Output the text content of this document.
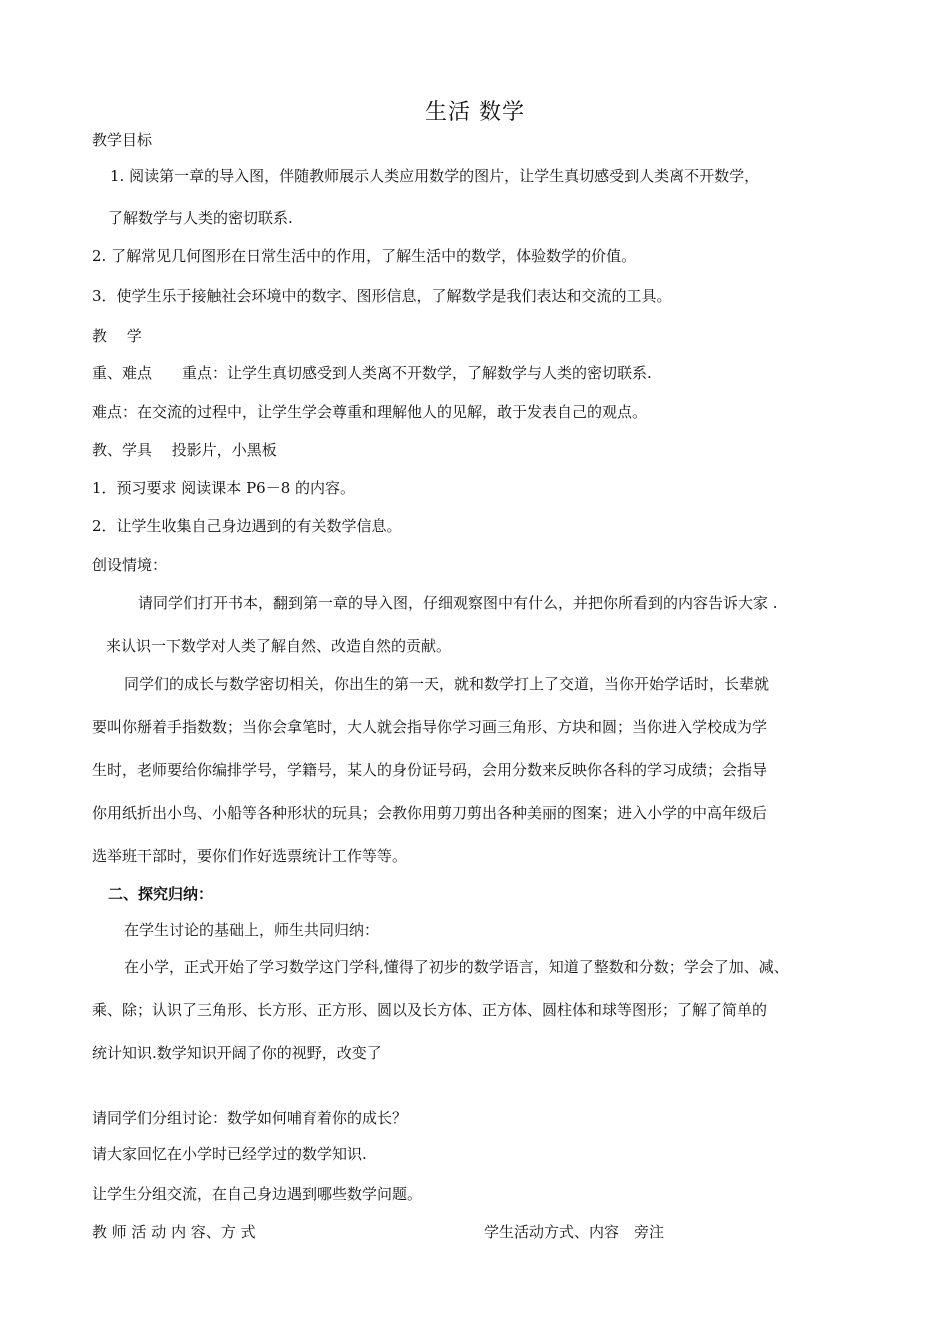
生活 数学
教学目标
1. 阅读第一章的导入图，伴随教师展示人类应用数学的图片，让学生真切感受到人类离不开数学，
了解数学与人类的密切联系.
2. 了解常见几何图形在日常生活中的作用，了解生活中的数学，体验数学的价值。
3．使学生乐于接触社会环境中的数字、图形信息，了解数学是我们表达和交流的工具。
教　 学
重、难点　　重点：让学生真切感受到人类离不开数学，了解数学与人类的密切联系.
难点：在交流的过程中，让学生学会尊重和理解他人的见解，敢于发表自己的观点。
教、学具　 投影片，小黑板
1．预习要求 阅读课本 P6－8 的内容。
2．让学生收集自己身边遇到的有关数学信息。
创设情境：
请同学们打开书本，翻到第一章的导入图，仔细观察图中有什么，并把你所看到的内容告诉大家 .
来认识一下数学对人类了解自然、改造自然的贡献。
同学们的成长与数学密切相关，你出生的第一天，就和数学打上了交道，当你开始学话时，长辈就
要叫你掰着手指数数；当你会拿笔时，大人就会指导你学习画三角形、方块和圆；当你进入学校成为学
生时，老师要给你编排学号，学籍号，某人的身份证号码，会用分数来反映你各科的学习成绩；会指导
你用纸折出小鸟、小船等各种形状的玩具；会教你用剪刀剪出各种美丽的图案；进入小学的中高年级后
选举班干部时，要你们作好选票统计工作等等。
二、探究归纳：
在学生讨论的基础上，师生共同归纳：
在小学，正式开始了学习数学这门学科,懂得了初步的数学语言，知道了整数和分数；学会了加、减、
乘、除；认识了三角形、长方形、正方形、圆以及长方体、正方体、圆柱体和球等图形；了解了简单的
统计知识.数学知识开阔了你的视野，改变了
请同学们分组讨论：数学如何哺育着你的成长？
请大家回忆在小学时已经学过的数学知识.
让学生分组交流，在自己身边遇到哪些数学问题。
教 师 活 动 内 容、方 式	学生活动方式、内容　旁注
